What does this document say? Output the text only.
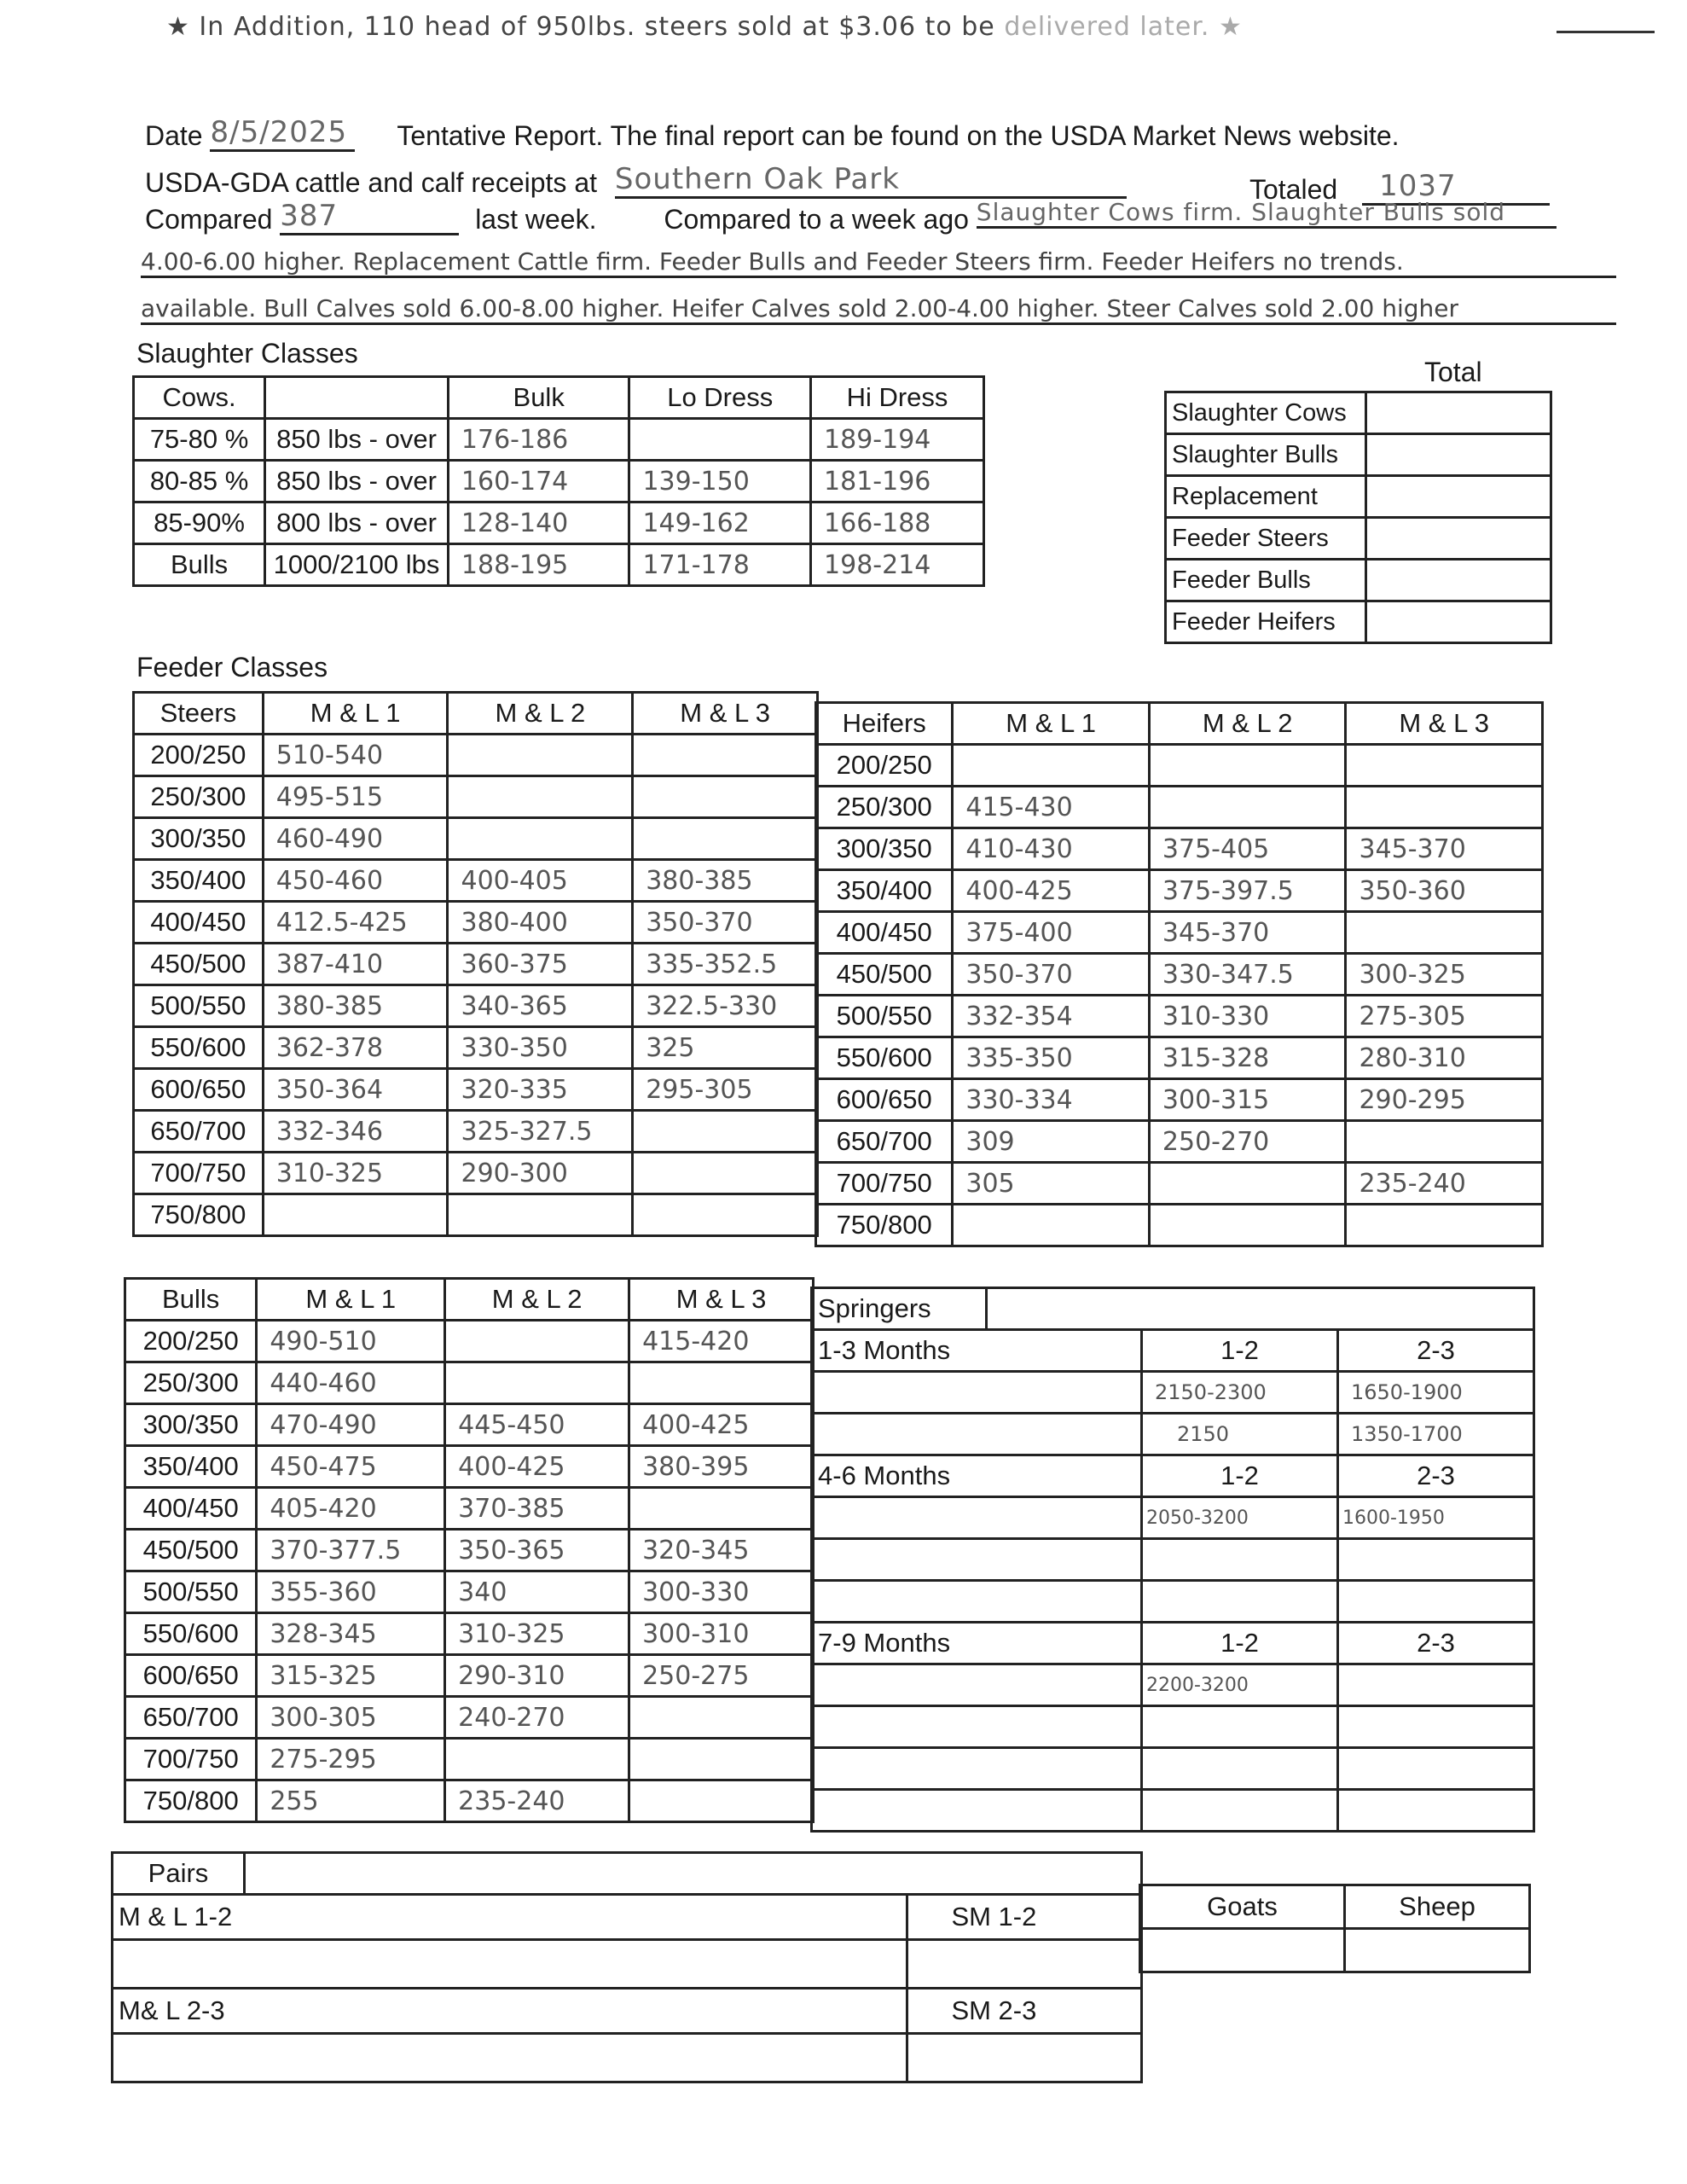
★ In Addition, 110 head of 950lbs. steers sold at $3.06 to be delivered later. ★
Date 8/5/2025 Tentative Report. The final report can be found on the USDA Market News website.
USDA-GDA cattle and calf receipts at Southern Oak Park	Totaled 1037
Compared 387	last week. Compared to a week ago Slaughter Cows firm. Slaughter Bulls sold
4.00-6.00 higher. Replacement Cattle firm. Feeder Bulls and Feeder Steers firm. Feeder Heifers no trends.
available. Bull Calves sold 6.00-8.00 higher. Heifer Calves sold 2.00-4.00 higher. Steer Calves sold 2.00 higher
Slaughter Classes
Cows.		Bulk	Lo Dress	Hi Dress
75-80 %	850 lbs - over	176-186		189-194
80-85 %	850 lbs - over	160-174	139-150	181-196
85-90%	800 lbs - over	128-140	149-162	166-188
Bulls	1000/2100 lbs	188-195	171-178	198-214
Total
Slaughter Cows	
Slaughter Bulls	
Replacement	
Feeder Steers	
Feeder Bulls	
Feeder Heifers	
Feeder Classes
Steers	M & L 1	M & L 2	M & L 3
200/250	510-540		
250/300	495-515		
300/350	460-490		
350/400	450-460	400-405	380-385
400/450	412.5-425	380-400	350-370
450/500	387-410	360-375	335-352.5
500/550	380-385	340-365	322.5-330
550/600	362-378	330-350	325
600/650	350-364	320-335	295-305
650/700	332-346	325-327.5	
700/750	310-325	290-300	
750/800			
Heifers	M & L 1	M & L 2	M & L 3
200/250			
250/300	415-430		
300/350	410-430	375-405	345-370
350/400	400-425	375-397.5	350-360
400/450	375-400	345-370	
450/500	350-370	330-347.5	300-325
500/550	332-354	310-330	275-305
550/600	335-350	315-328	280-310
600/650	330-334	300-315	290-295
650/700	309	250-270	
700/750	305		235-240
750/800			
Bulls	M & L 1	M & L 2	M & L 3
200/250	490-510		415-420
250/300	440-460		
300/350	470-490	445-450	400-425
350/400	450-475	400-425	380-395
400/450	405-420	370-385	
450/500	370-377.5	350-365	320-345
500/550	355-360	340	300-330
550/600	328-345	310-325	300-310
600/650	315-325	290-310	250-275
650/700	300-305	240-270	
700/750	275-295		
750/800	255	235-240	
Springers			
1-3 Months		1-2	2-3
		2150-2300	1650-1900
		2150	1350-1700
4-6 Months		1-2	2-3
		2050-3200	1600-1950

7-9 Months		1-2	2-3
		2200-3200	

Pairs		
M & L 1-2		SM 1-2

M& L 2-3		SM 2-3

Goats	Sheep
